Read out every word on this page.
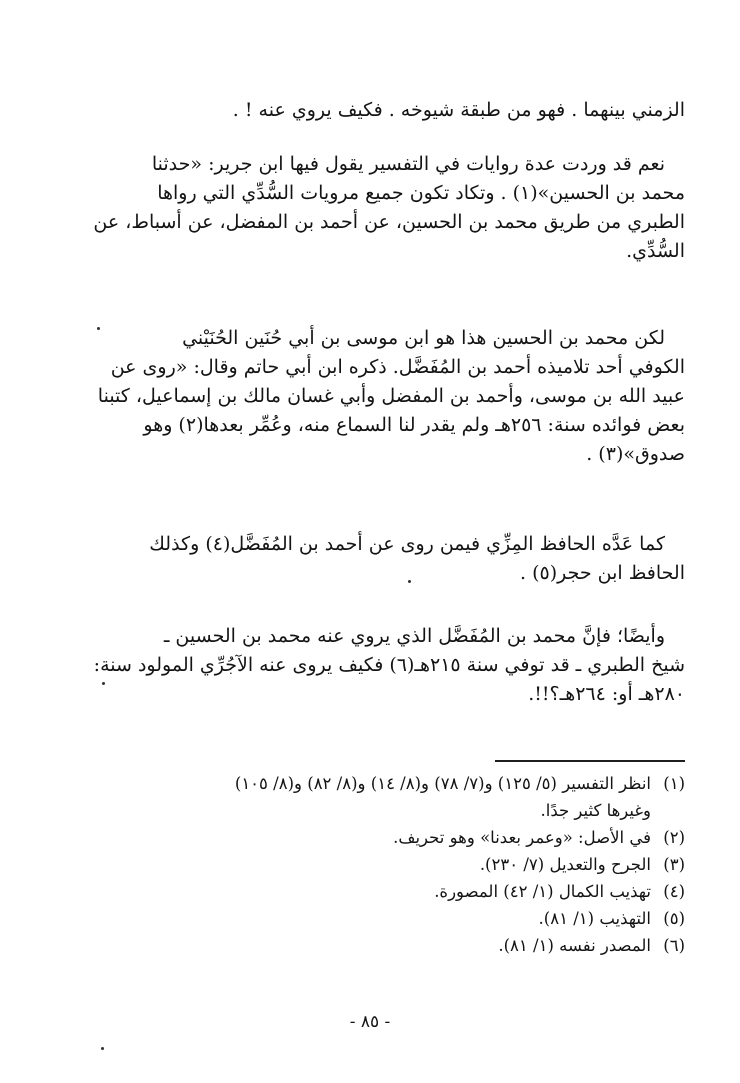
الزمني بينهما . فهو من طبقة شيوخه . فكيف يروي عنه ! .
نعم قد وردت عدة روايات في التفسير يقول فيها ابن جرير: «حدثنا
محمد بن الحسين»(١) . وتكاد تكون جميع مرويات السُّدِّي التي رواها
الطبري من طريق محمد بن الحسين، عن أحمد بن المفضل، عن أسباط، عن
السُّدِّي.
لكن محمد بن الحسين هذا هو ابن موسى بن أبي حُنَين الحُنَيْني
الكوفي أحد تلاميذه أحمد بن المُفَضَّل. ذكره ابن أبي حاتم وقال: «روى عن
عبيد الله بن موسى، وأحمد بن المفضل وأبي غسان مالك بن إسماعيل، كتبنا
بعض فوائده سنة: ٢٥٦هـ ولم يقدر لنا السماع منه، وعُمِّر بعدها(٢) وهو
صدوق»(٣) .
كما عَدَّه الحافظ المِزِّي فيمن روى عن أحمد بن المُفَضَّل(٤) وكذلك
الحافظ ابن حجر(٥) .
وأيضًا؛ فإنَّ محمد بن المُفَضَّل الذي يروي عنه محمد بن الحسين ـ
شيخ الطبري ـ قد توفي سنة ٢١٥هـ(٦) فكيف يروى عنه الآجُرِّي المولود سنة:
٢٨٠هـ أو: ٢٦٤هـ؟!!.
(١)انظر التفسير (٥/ ١٢٥) و(٧/ ٧٨) و(٨/ ١٤) و(٨/ ٨٢) و(٨/ ١٠٥)
وغيرها كثير جدًا.
(٢)في الأصل: «وعمر بعدنا» وهو تحريف.
(٣)الجرح والتعديل (٧/ ٢٣٠).
(٤)تهذيب الكمال (١/ ٤٢) المصورة.
(٥)التهذيب (١/ ٨١).
(٦)المصدر نفسه (١/ ٨١).
- ٨٥ -
